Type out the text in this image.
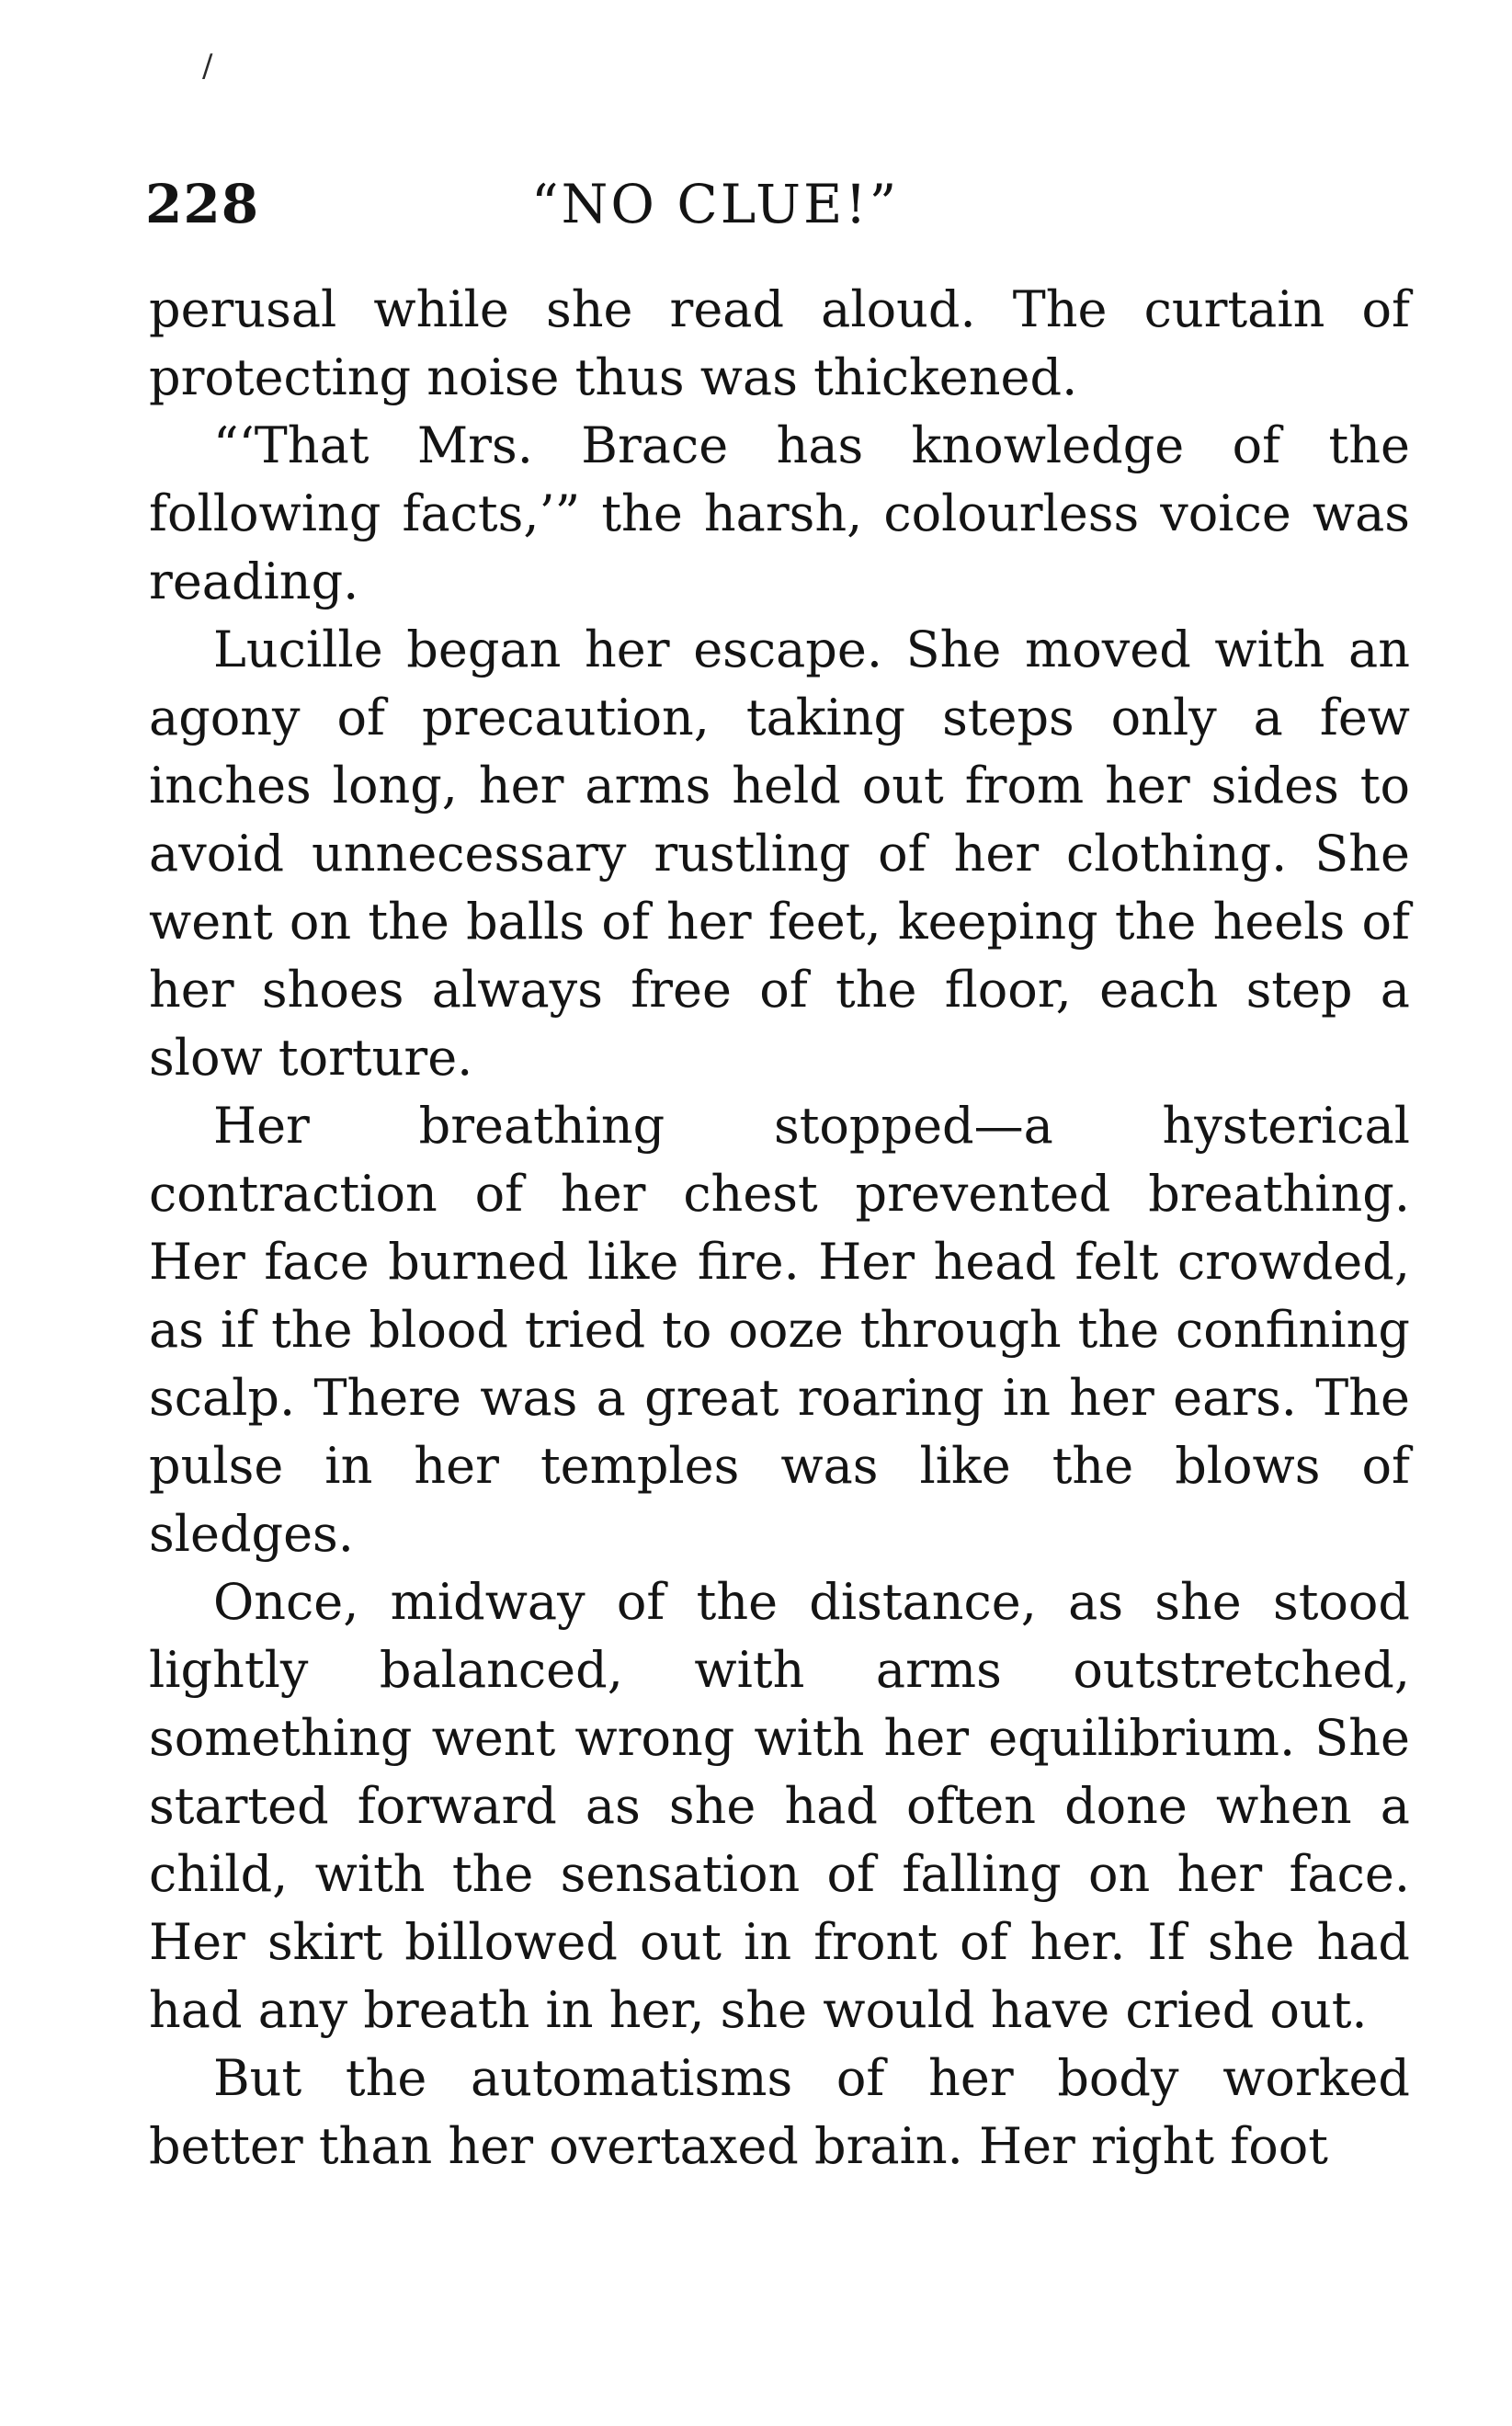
/
228	“NO CLUE!”

perusal while she read aloud. The curtain of protecting noise thus was thickened.

“‘That Mrs. Brace has knowledge of the following facts,’” the harsh, colourless voice was reading.

Lucille began her escape. She moved with an agony of precaution, taking steps only a few inches long, her arms held out from her sides to avoid unnecessary rustling of her clothing. She went on the balls of her feet, keeping the heels of her shoes always free of the floor, each step a slow torture.

Her breathing stopped—a hysterical contraction of her chest prevented breathing. Her face burned like fire. Her head felt crowded, as if the blood tried to ooze through the confining scalp. There was a great roaring in her ears. The pulse in her temples was like the blows of sledges.

Once, midway of the distance, as she stood lightly balanced, with arms outstretched, something went wrong with her equilibrium. She started forward as she had often done when a child, with the sensation of falling on her face. Her skirt billowed out in front of her. If she had had any breath in her, she would have cried out.

But the automatisms of her body worked better than her overtaxed brain. Her right foot
